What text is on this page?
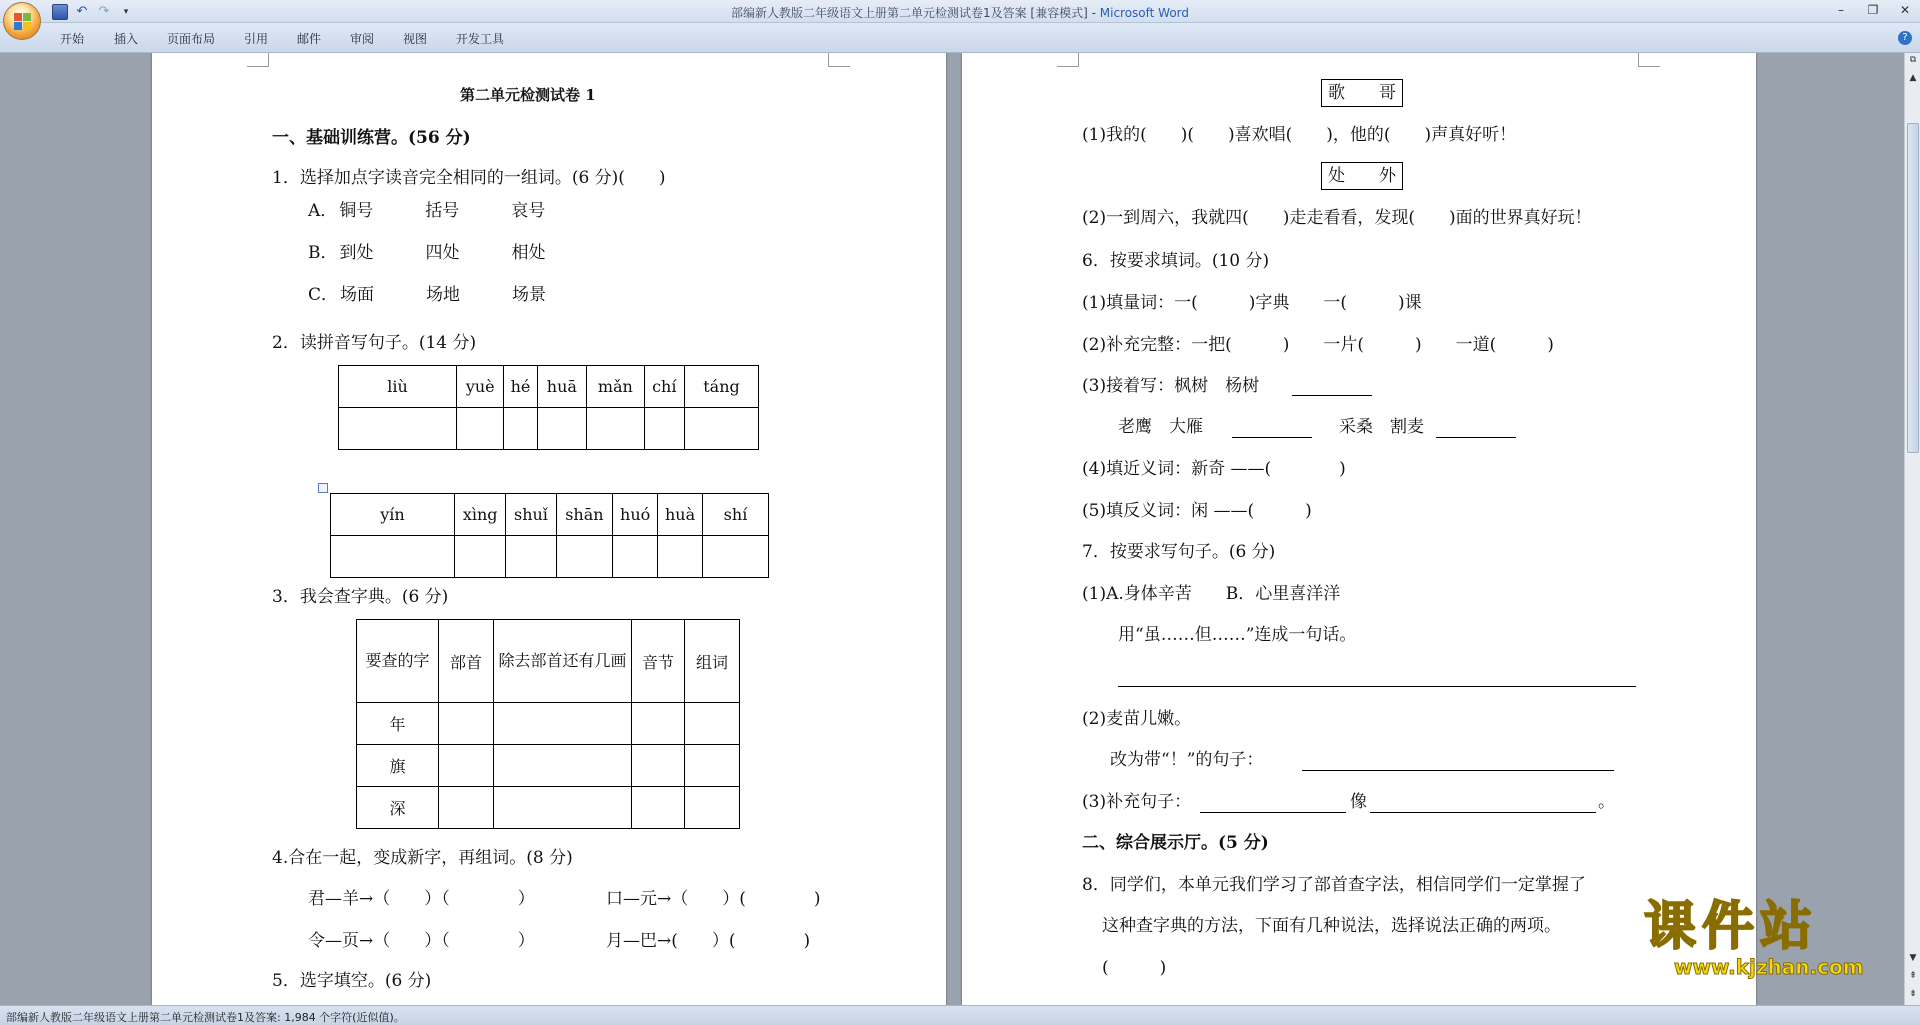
↶ ↷	▾	部编新人教版二年级语文上册第二单元检测试卷1及答案 [兼容模式] - Microsoft Word	–	❐	✕
开始 插入 页面布局 引用 邮件 审阅 视图 开发工具	?
第二单元检测试卷 1
一、基础训练营。(56 分)
1．选择加点字读音完全相同的一组词。(6 分)(　　)
A． 铜号	括号	哀号
B． 到处	四处	相处
C． 场面	场地	场景
2．读拼音写句子。(14 分)
liù	yuè	hé	huā	mǎn	chí	táng

yín	xìng	shuǐ	shān	huó	huà	shí

3．我会查字典。(6 分)
要查的字	部首	除去部首还有几画	音节	组词
年				
旗				
深				
4.合在一起，变成新字，再组词。(8 分)
君—羊→（　　）（　　　　）	口—元→（　　）(　　　　)
令—页→（　　）（　　　　）	月—巴→(　　）(　　　　)
5．选字填空。(6 分)
歌　　哥
(1)我的(　　)(　　)喜欢唱(　　)，他的(　　)声真好听！
处　　外
(2)一到周六，我就四(　　)走走看看，发现(　　)面的世界真好玩！
6．按要求填词。(10 分)
(1)填量词：一(　　　)字典　　一(　　　)课
(2)补充完整：一把(　　　)　　一片(　　　)　　一道(　　　)
(3)接着写：枫树　杨树　
老鹰　大雁　　　　　　　　采桑　割麦
(4)填近义词：新奇 ——(　　　　)
(5)填反义词：闲 ——(　　　)
7．按要求写句子。(6 分)
(1)A.身体辛苦　　B．心里喜洋洋
用“虽……但……”连成一句话。
(2)麦苗儿嫩。
改为带“！”的句子：
(3)补充句子：	像	。
二、综合展示厅。(5 分)
8．同学们，本单元我们学习了部首查字法，相信同学们一定掌握了
这种查字典的方法，下面有几种说法，选择说法正确的两项。
(　　　)
课件站
www.kjzhan.com
⧉
▲
▼
⇞
⇟
部编新人教版二年级语文上册第二单元检测试卷1及答案: 1,984 个字符(近似值)。
